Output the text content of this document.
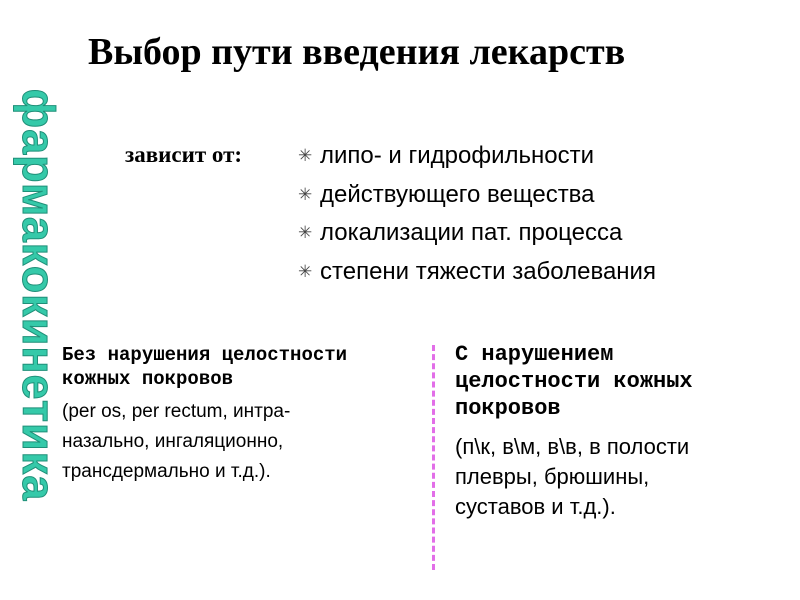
фармакокинетика
Выбор пути введения лекарств
зависит от:	✳ липо- и гидрофильности
✳ действующего вещества
✳ локализации пат. процесса
✳ степени тяжести заболевания
Без нарушения целостности
кожных покровов
(per os, per rectum, интра-
назально, ингаляционно,
трансдермально и т.д.).
С нарушением
целостности кожных
покровов
(п\к, в\м, в\в, в полости
плевры, брюшины,
суставов и т.д.).
